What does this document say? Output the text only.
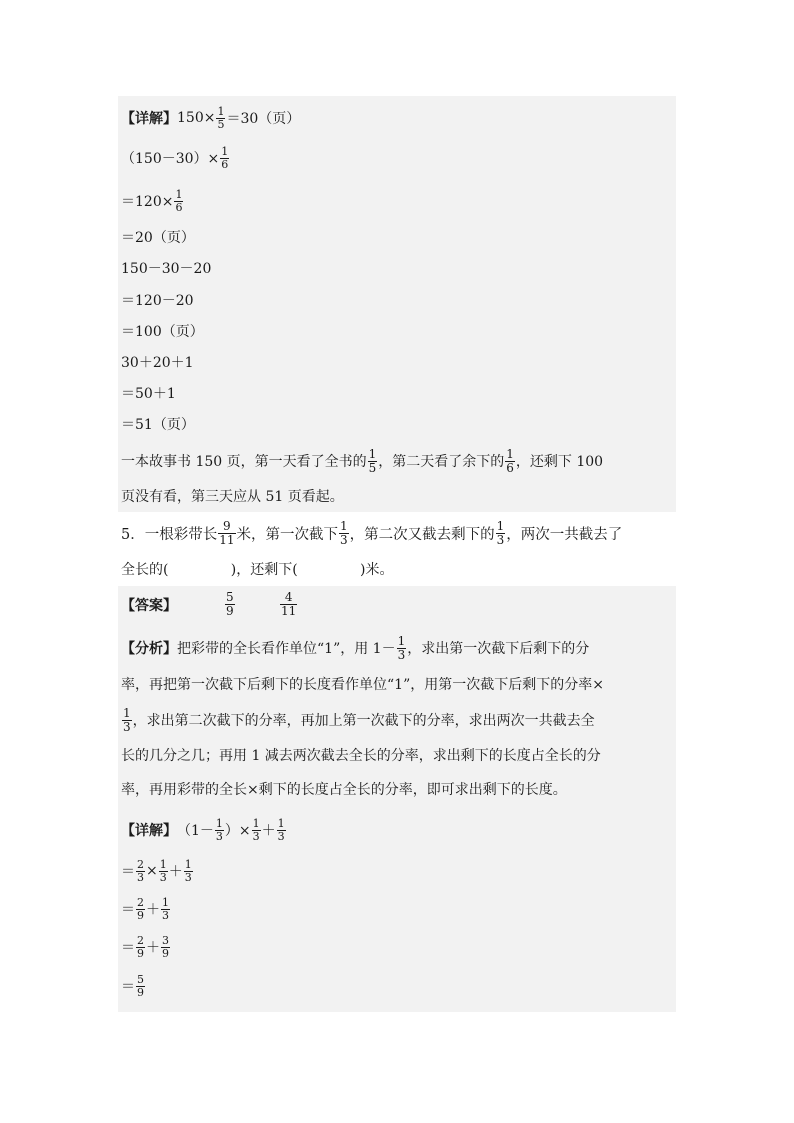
【详解】 $150\times \frac{1}{5} =30$（页）
$(150-30)\times \frac{1}{6}$
$=120\times \frac{1}{6}$
＝20（页）
150－30－20
＝120－20
＝100（页）
30＋20＋1
＝50＋1
＝51（页）
一本故事书 150 页，第一天看了全书的 $\frac{1}{5}$ ，第二天看了余下的 $\frac{1}{6}$ ，还剩下 100
页没有看，第三天应从 51 页看起。
5．一根彩带长 $\frac{9}{11}$ 米，第一次截下 $\frac{1}{3}$ ，第二次又截去剩下的 $\frac{1}{3}$ ，两次一共截去了
全长的(              )，还剩下(              )米。
【答案】	$\frac{5}{9}$	$\frac{4}{11}$
【分析】 把彩带的全长看作单位“1”，用 $1- \frac{1}{3}$ ，求出第一次截下后剩下的分
率，再把第一次截下后剩下的长度看作单位“1”，用第一次截下后剩下的分率×
$\frac{1}{3}$ ，求出第二次截下的分率，再加上第一次截下的分率，求出两次一共截去全
长的几分之几；再用 1 减去两次截去全长的分率，求出剩下的长度占全长的分
率，再用彩带的全长×剩下的长度占全长的分率，即可求出剩下的长度。
【详解】 （$1- \frac{1}{3}$ ）× $\frac{1}{3} + \frac{1}{3}$
＝ $\frac{2}{3} \times \frac{1}{3} + \frac{1}{3}$
＝ $\frac{2}{9} + \frac{1}{3}$
＝ $\frac{2}{9} + \frac{3}{9}$
＝ $\frac{5}{9}$
